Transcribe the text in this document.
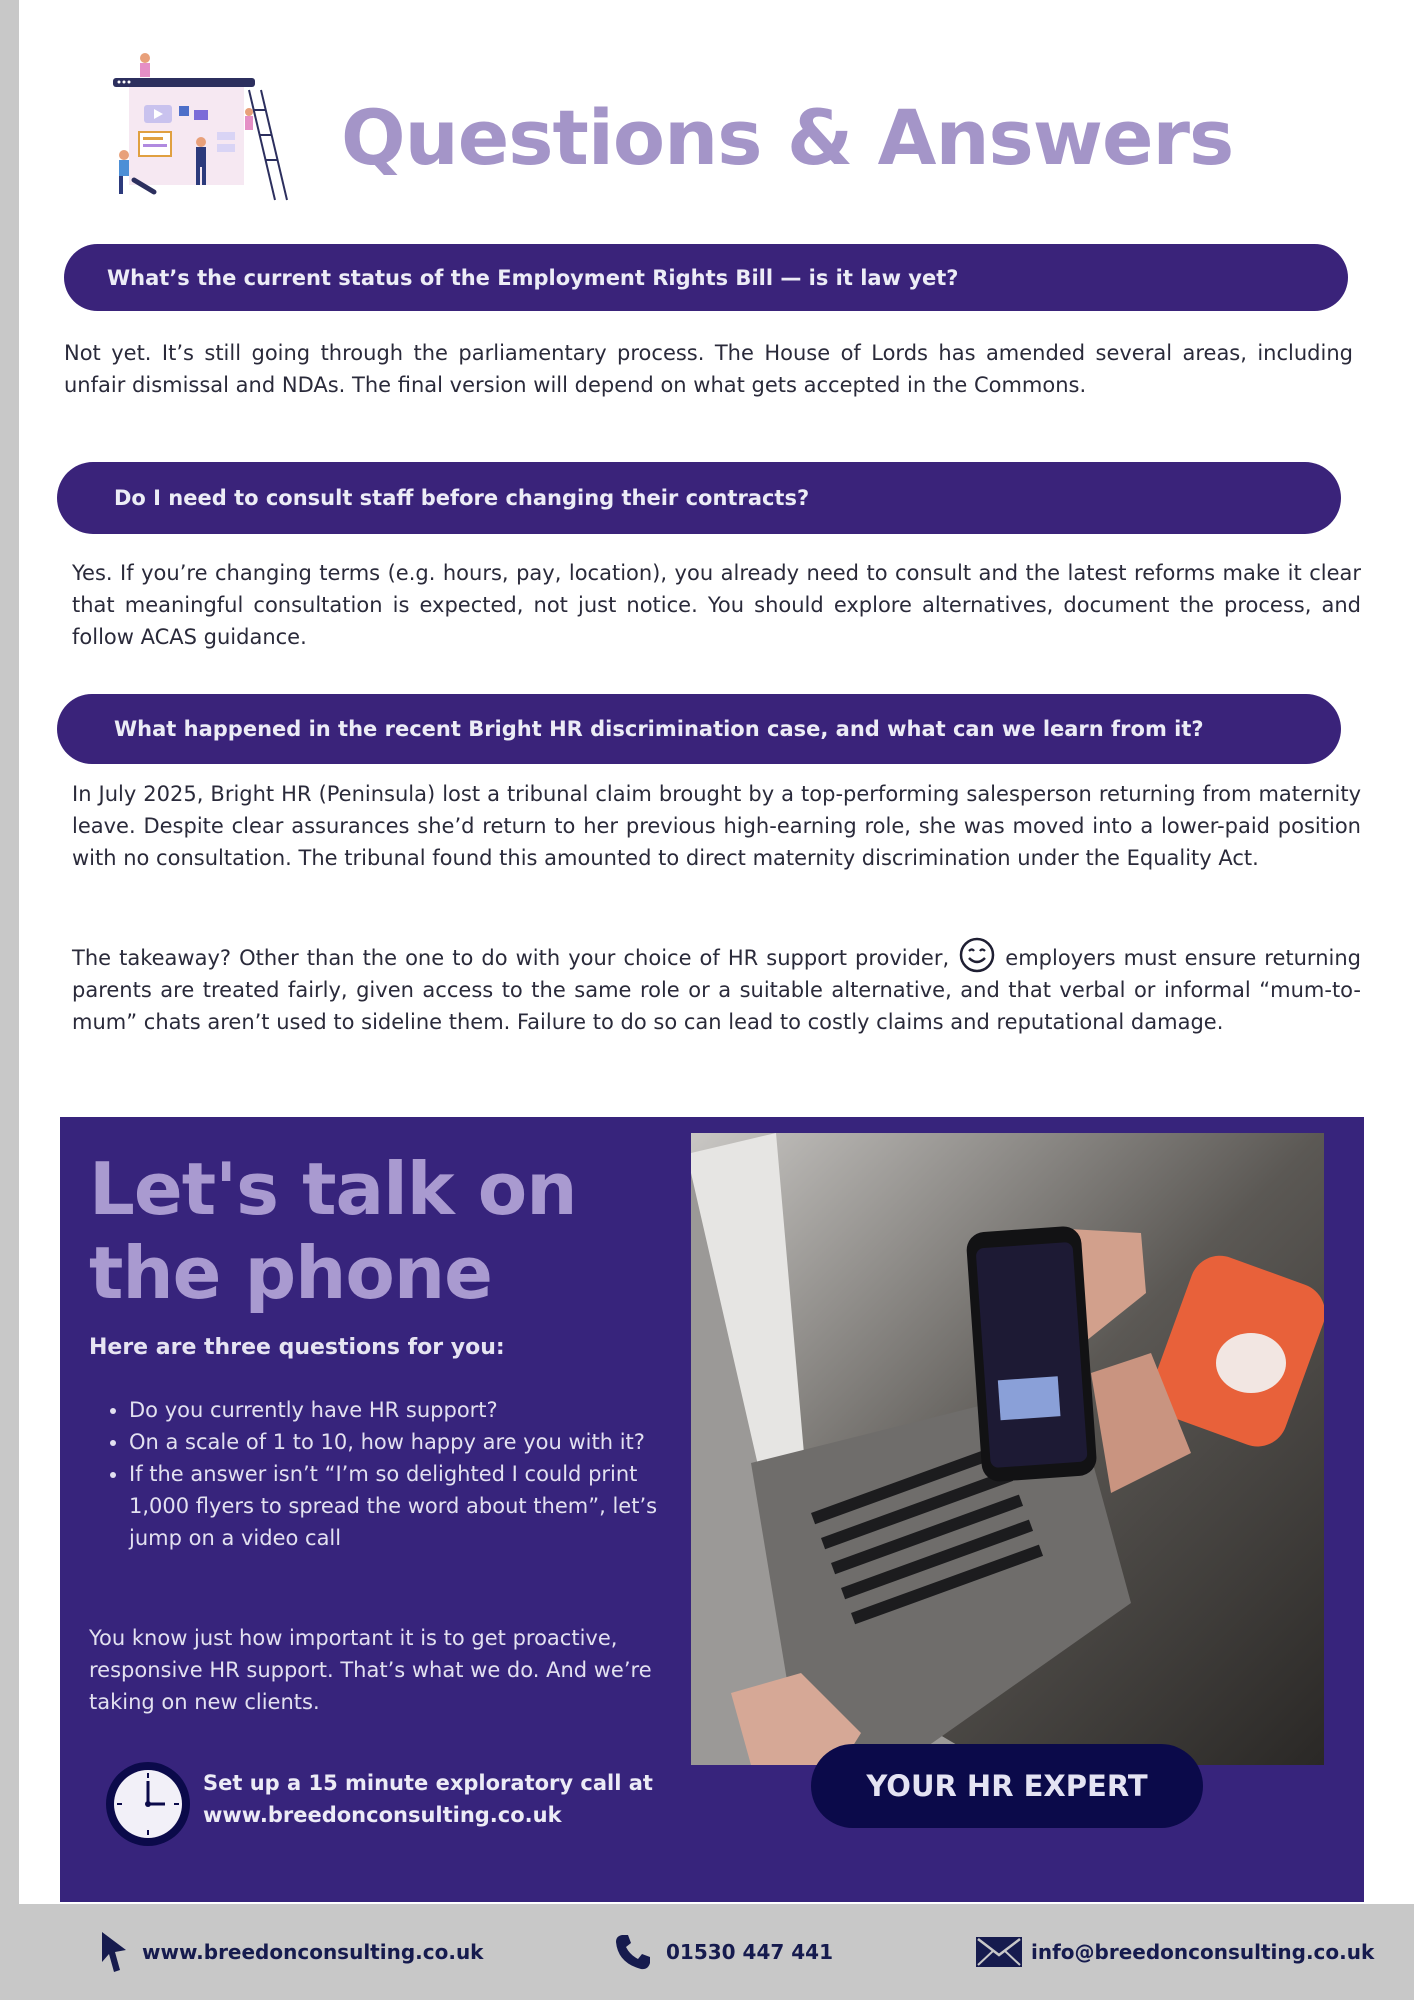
Questions & Answers
What’s the current status of the Employment Rights Bill — is it law yet?

Not yet. It’s still going through the parliamentary process. The House of Lords has amended several areas, including unfair dismissal and NDAs. The final version will depend on what gets accepted in the Commons.

Do I need to consult staff before changing their contracts?

Yes. If you’re changing terms (e.g. hours, pay, location), you already need to consult and the latest reforms make it clear that meaningful consultation is expected, not just notice. You should explore alternatives, document the process, and follow ACAS guidance.

What happened in the recent Bright HR discrimination case, and what can we learn from it?

In July 2025, Bright HR (Peninsula) lost a tribunal claim brought by a top-performing salesperson returning from maternity leave. Despite clear assurances she’d return to her previous high-earning role, she was moved into a lower-paid position with no consultation. The tribunal found this amounted to direct maternity discrimination under the Equality Act.

The takeaway? Other than the one to do with your choice of HR support provider,	employers must ensure returning parents are treated fairly, given access to the same role or a suitable alternative, and that verbal or informal “mum-to-mum” chats aren’t used to sideline them. Failure to do so can lead to costly claims and reputational damage.

Let's talk on
the phone

Here are three questions for you:

• Do you currently have HR support?
• On a scale of 1 to 10, how happy are you with it?
• If the answer isn’t “I’m so delighted I could print 1,000 flyers to spread the word about them”, let’s jump on a video call

You know just how important it is to get proactive, responsive HR support. That’s what we do. And we’re taking on new clients.

Set up a 15 minute exploratory call at
www.breedonconsulting.co.uk

YOUR HR EXPERT
www.breedonconsulting.co.uk	01530 447 441	info@breedonconsulting.co.uk
